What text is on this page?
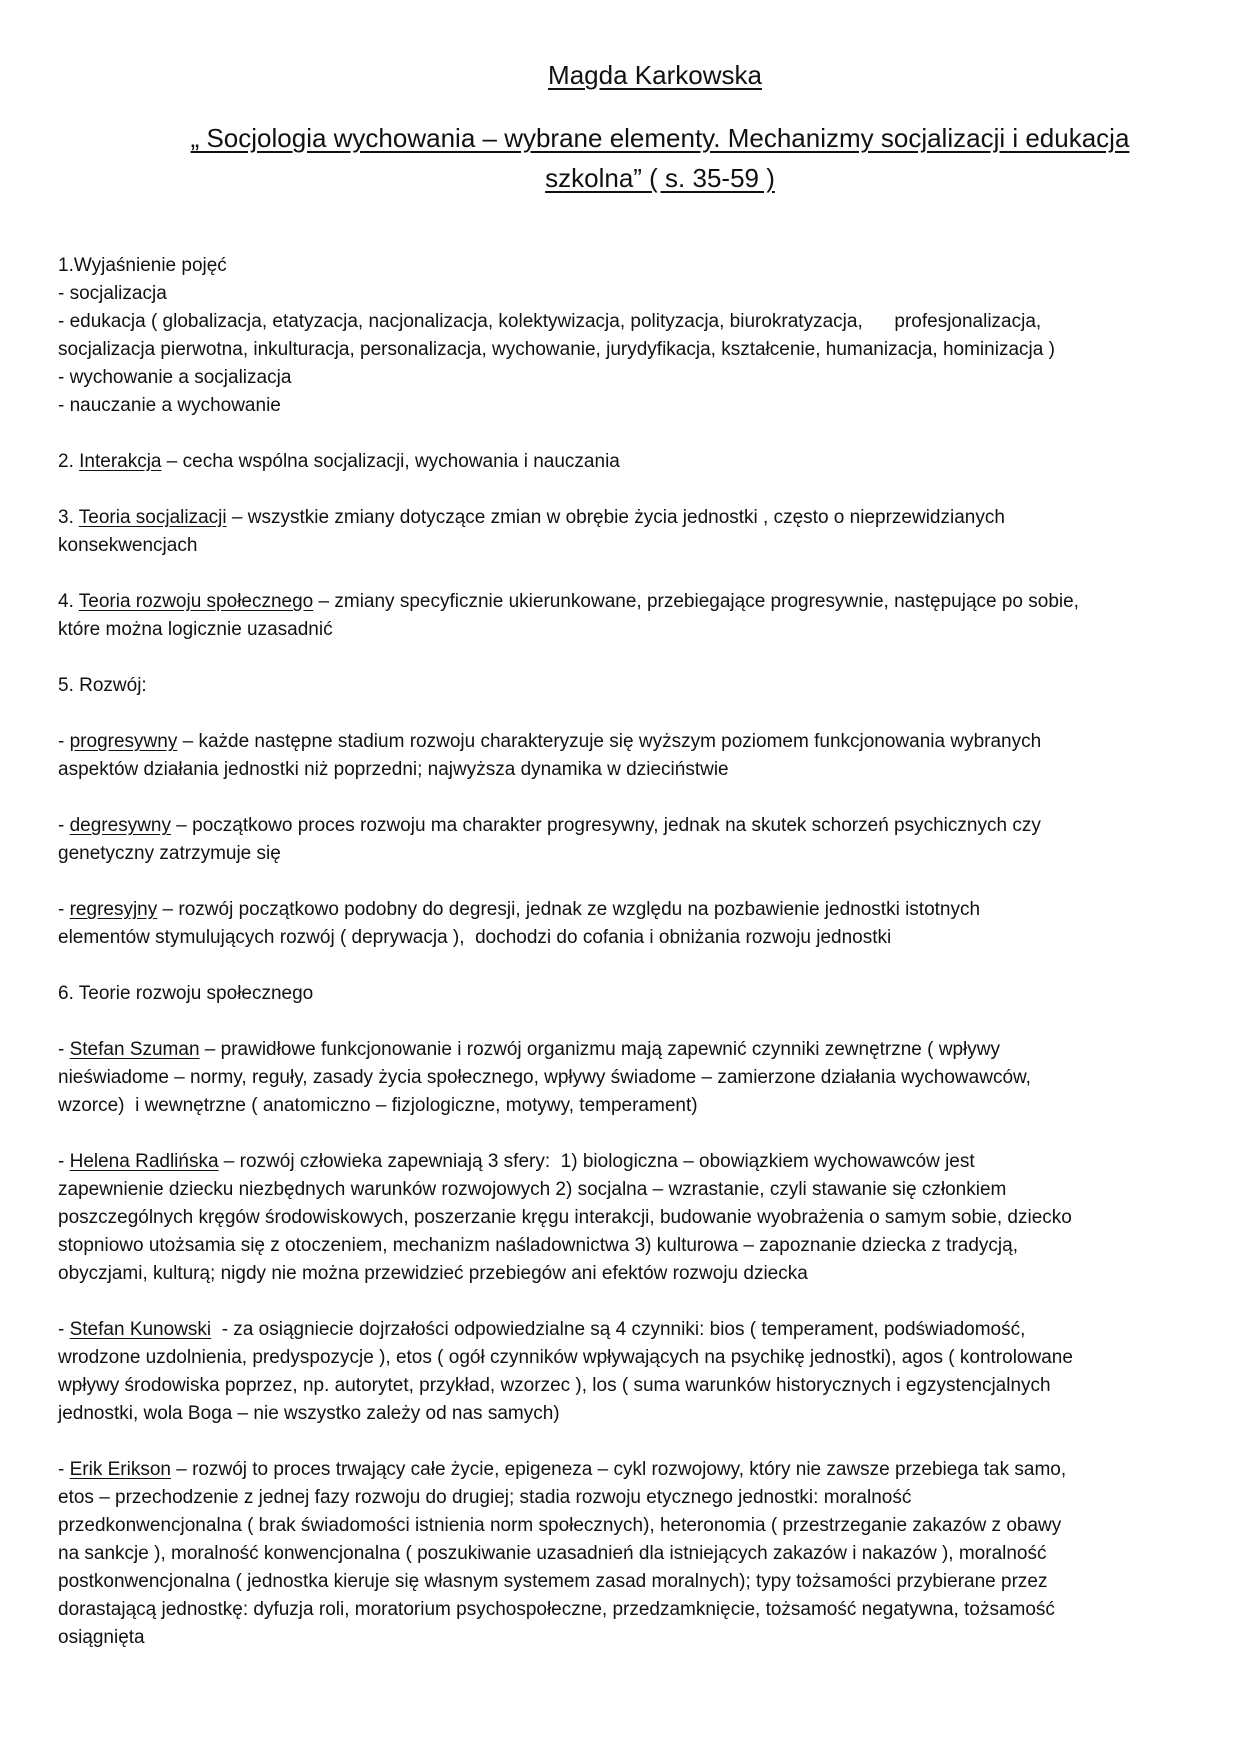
Magda Karkowska
„ Socjologia wychowania – wybrane elementy. Mechanizmy socjalizacji i edukacja szkolna” ( s. 35-59 )
1.Wyjaśnienie pojęć
- socjalizacja
- edukacja ( globalizacja, etatyzacja, nacjonalizacja, kolektywizacja, polityzacja, biurokratyzacja,      profesjonalizacja,
socjalizacja pierwotna, inkulturacja, personalizacja, wychowanie, jurydyfikacja, kształcenie, humanizacja, hominizacja )
- wychowanie a socjalizacja
- nauczanie a wychowanie
2. Interakcja – cecha wspólna socjalizacji, wychowania i nauczania
3. Teoria socjalizacji – wszystkie zmiany dotyczące zmian w obrębie życia jednostki , często o nieprzewidzianych
konsekwencjach
4. Teoria rozwoju społecznego – zmiany specyficznie ukierunkowane, przebiegające progresywnie, następujące po sobie,
które można logicznie uzasadnić
5. Rozwój:
- progresywny – każde następne stadium rozwoju charakteryzuje się wyższym poziomem funkcjonowania wybranych
aspektów działania jednostki niż poprzedni; najwyższa dynamika w dzieciństwie
- degresywny – początkowo proces rozwoju ma charakter progresywny, jednak na skutek schorzeń psychicznych czy
genetyczny zatrzymuje się
- regresyjny – rozwój początkowo podobny do degresji, jednak ze względu na pozbawienie jednostki istotnych
elementów stymulujących rozwój ( deprywacja ),  dochodzi do cofania i obniżania rozwoju jednostki
6. Teorie rozwoju społecznego
- Stefan Szuman – prawidłowe funkcjonowanie i rozwój organizmu mają zapewnić czynniki zewnętrzne ( wpływy
nieświadome – normy, reguły, zasady życia społecznego, wpływy świadome – zamierzone działania wychowawców,
wzorce)  i wewnętrzne ( anatomiczno – fizjologiczne, motywy, temperament)
- Helena Radlińska – rozwój człowieka zapewniają 3 sfery:  1) biologiczna – obowiązkiem wychowawców jest
zapewnienie dziecku niezbędnych warunków rozwojowych 2) socjalna – wzrastanie, czyli stawanie się członkiem
poszczególnych kręgów środowiskowych, poszerzanie kręgu interakcji, budowanie wyobrażenia o samym sobie, dziecko
stopniowo utożsamia się z otoczeniem, mechanizm naśladownictwa 3) kulturowa – zapoznanie dziecka z tradycją,
obyczjami, kulturą; nigdy nie można przewidzieć przebiegów ani efektów rozwoju dziecka
- Stefan Kunowski  - za osiągniecie dojrzałości odpowiedzialne są 4 czynniki: bios ( temperament, podświadomość,
wrodzone uzdolnienia, predyspozycje ), etos ( ogół czynników wpływających na psychikę jednostki), agos ( kontrolowane
wpływy środowiska poprzez, np. autorytet, przykład, wzorzec ), los ( suma warunków historycznych i egzystencjalnych
jednostki, wola Boga – nie wszystko zależy od nas samych)
- Erik Erikson – rozwój to proces trwający całe życie, epigeneza – cykl rozwojowy, który nie zawsze przebiega tak samo,
etos – przechodzenie z jednej fazy rozwoju do drugiej; stadia rozwoju etycznego jednostki: moralność
przedkonwencjonalna ( brak świadomości istnienia norm społecznych), heteronomia ( przestrzeganie zakazów z obawy
na sankcje ), moralność konwencjonalna ( poszukiwanie uzasadnień dla istniejących zakazów i nakazów ), moralność
postkonwencjonalna ( jednostka kieruje się własnym systemem zasad moralnych); typy tożsamości przybierane przez
dorastającą jednostkę: dyfuzja roli, moratorium psychospołeczne, przedzamknięcie, tożsamość negatywna, tożsamość
osiągnięta
